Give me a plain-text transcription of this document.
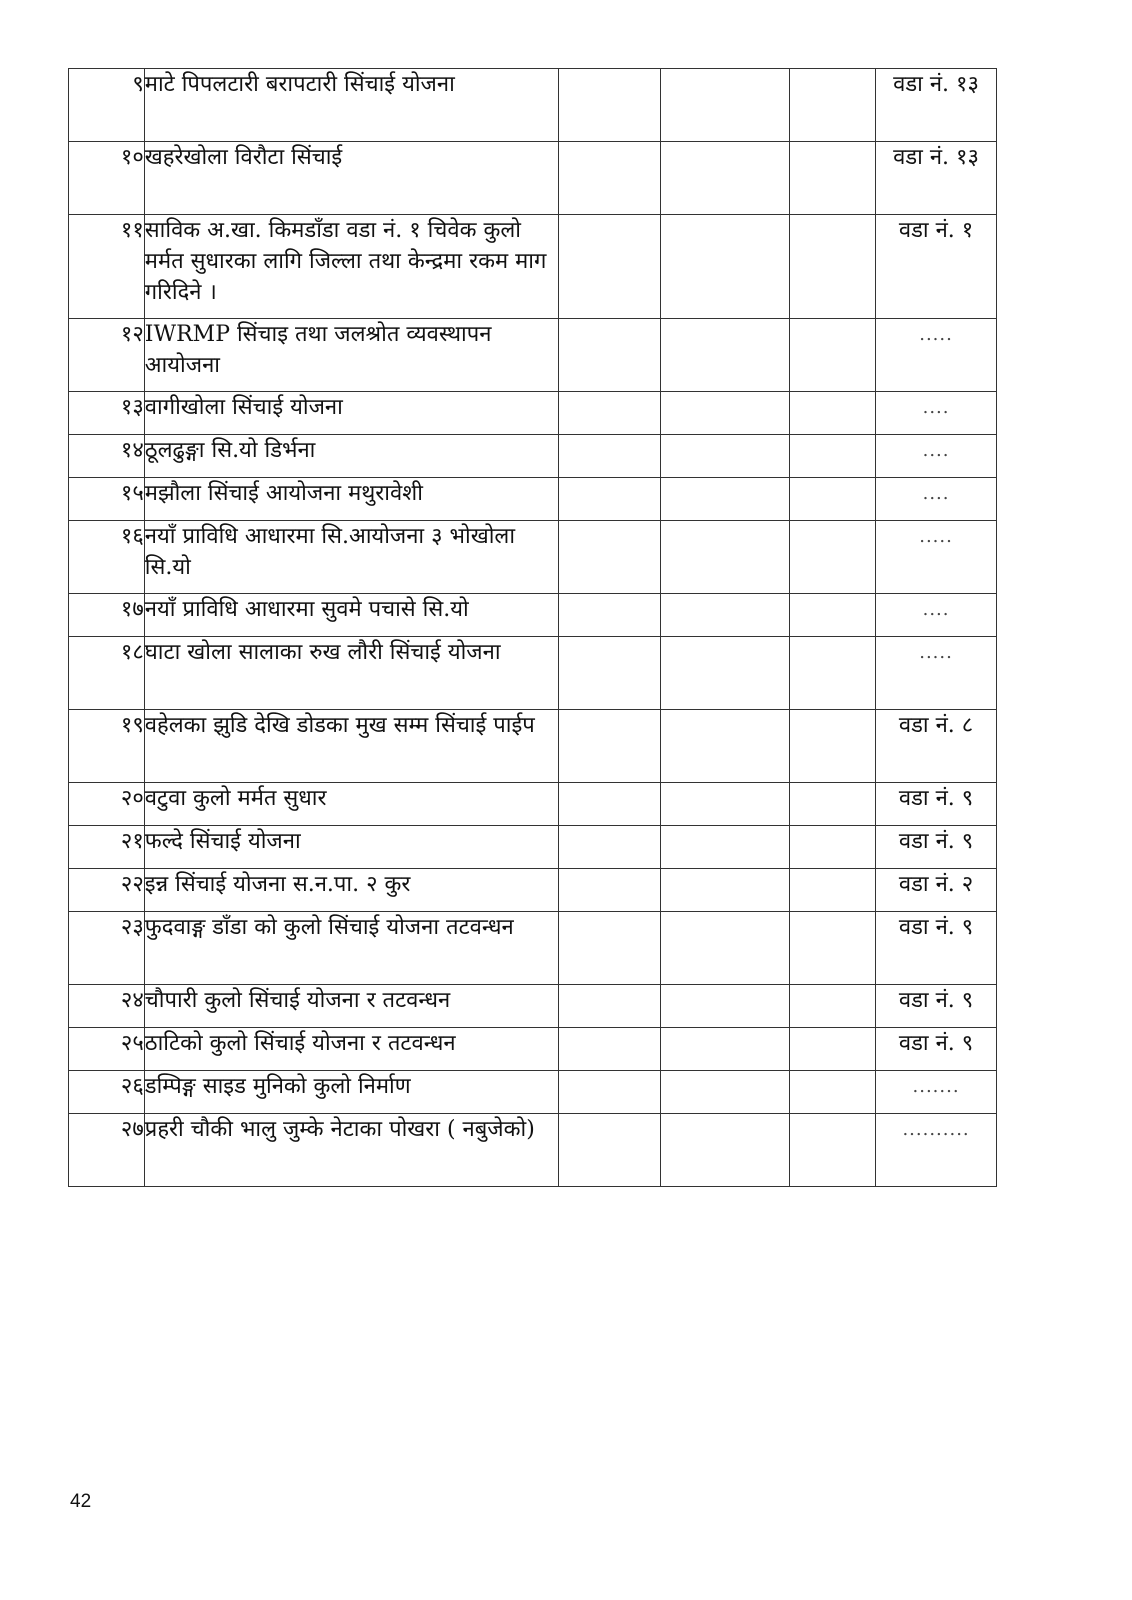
९	माटे पिपलटारी बरापटारी सिंचाई योजना				वडा नं. १३
१०	खहरेखोला विरौटा सिंचाई				वडा नं. १३
११	साविक अ.खा. किमडाँडा वडा नं. १ चिवेक कुलो मर्मत सुधारका लागि जिल्ला तथा केन्द्रमा रकम माग गरिदिने ।				वडा नं. १
१२	IWRMP सिंचाइ तथा जलश्रोत व्यवस्थापन आयोजना				.....
१३	वागीखोला सिंचाई योजना				....
१४	ठूलढुङ्गा सि.यो डिर्भना				....
१५	मझौला सिंचाई आयोजना मथुरावेशी				....
१६	नयाँ प्राविधि आधारमा सि.आयोजना ३ भोखोला सि.यो				.....
१७	नयाँ प्राविधि आधारमा सुवमे पचासे सि.यो				....
१८	घाटा खोला सालाका रुख लौरी सिंचाई योजना				.....
१९	वहेलका झुडि देखि डोडका मुख सम्म सिंचाई पाईप				वडा नं. ८
२०	वटुवा कुलो मर्मत सुधार				वडा नं. ९
२१	फल्दे सिंचाई योजना				वडा नं. ९
२२	इन्न सिंचाई योजना स.न.पा. २ कुर				वडा नं. २
२३	फुदवाङ्ग डाँडा को कुलो सिंचाई योजना तटवन्धन				वडा नं. ९
२४	चौपारी कुलो सिंचाई योजना र तटवन्धन				वडा नं. ९
२५	ठाटिको कुलो सिंचाई योजना र तटवन्धन				वडा नं. ९
२६	डम्पिङ्ग साइड मुनिको कुलो निर्माण				.......
२७	प्रहरी चौकी भालु जुम्के नेटाका पोखरा ( नबुजेको)				..........
42
